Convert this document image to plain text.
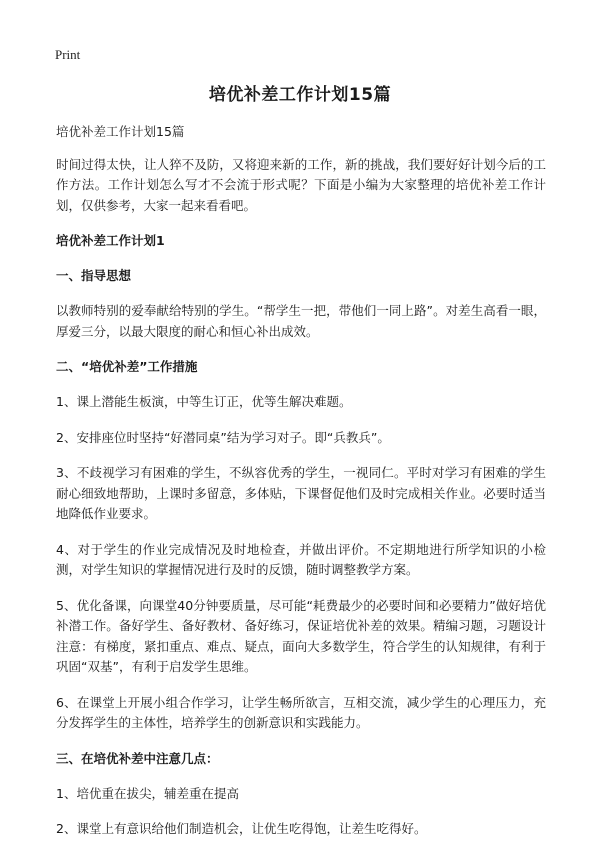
Print
培优补差工作计划15篇

培优补差工作计划15篇

时间过得太快，让人猝不及防，又将迎来新的工作，新的挑战，我们要好好计划今后的工作方法。工作计划怎么写才不会流于形式呢？下面是小编为大家整理的培优补差工作计划，仅供参考，大家一起来看看吧。

培优补差工作计划1
一、指导思想

以教师特别的爱奉献给特别的学生。“帮学生一把，带他们一同上路”。对差生高看一眼，厚爱三分，以最大限度的耐心和恒心补出成效。

二、“培优补差”工作措施

1、课上潜能生板演，中等生订正，优等生解决难题。

2、安排座位时坚持“好潜同桌”结为学习对子。即“兵教兵”。

3、不歧视学习有困难的学生，不纵容优秀的学生，一视同仁。平时对学习有困难的学生耐心细致地帮助，上课时多留意，多体贴，下课督促他们及时完成相关作业。必要时适当地降低作业要求。

4、对于学生的作业完成情况及时地检查，并做出评价。不定期地进行所学知识的小检测，对学生知识的掌握情况进行及时的反馈，随时调整教学方案。

5、优化备课，向课堂40分钟要质量，尽可能“耗费最少的必要时间和必要精力”做好培优补潜工作。备好学生、备好教材、备好练习，保证培优补差的效果。精编习题，习题设计注意：有梯度，紧扣重点、难点、疑点，面向大多数学生，符合学生的认知规律，有利于巩固“双基”，有利于启发学生思维。

6、在课堂上开展小组合作学习，让学生畅所欲言，互相交流，减少学生的心理压力，充分发挥学生的主体性，培养学生的创新意识和实践能力。

三、在培优补差中注意几点：

1、培优重在拔尖，辅差重在提高

2、课堂上有意识给他们制造机会，让优生吃得饱，让差生吃得好。
